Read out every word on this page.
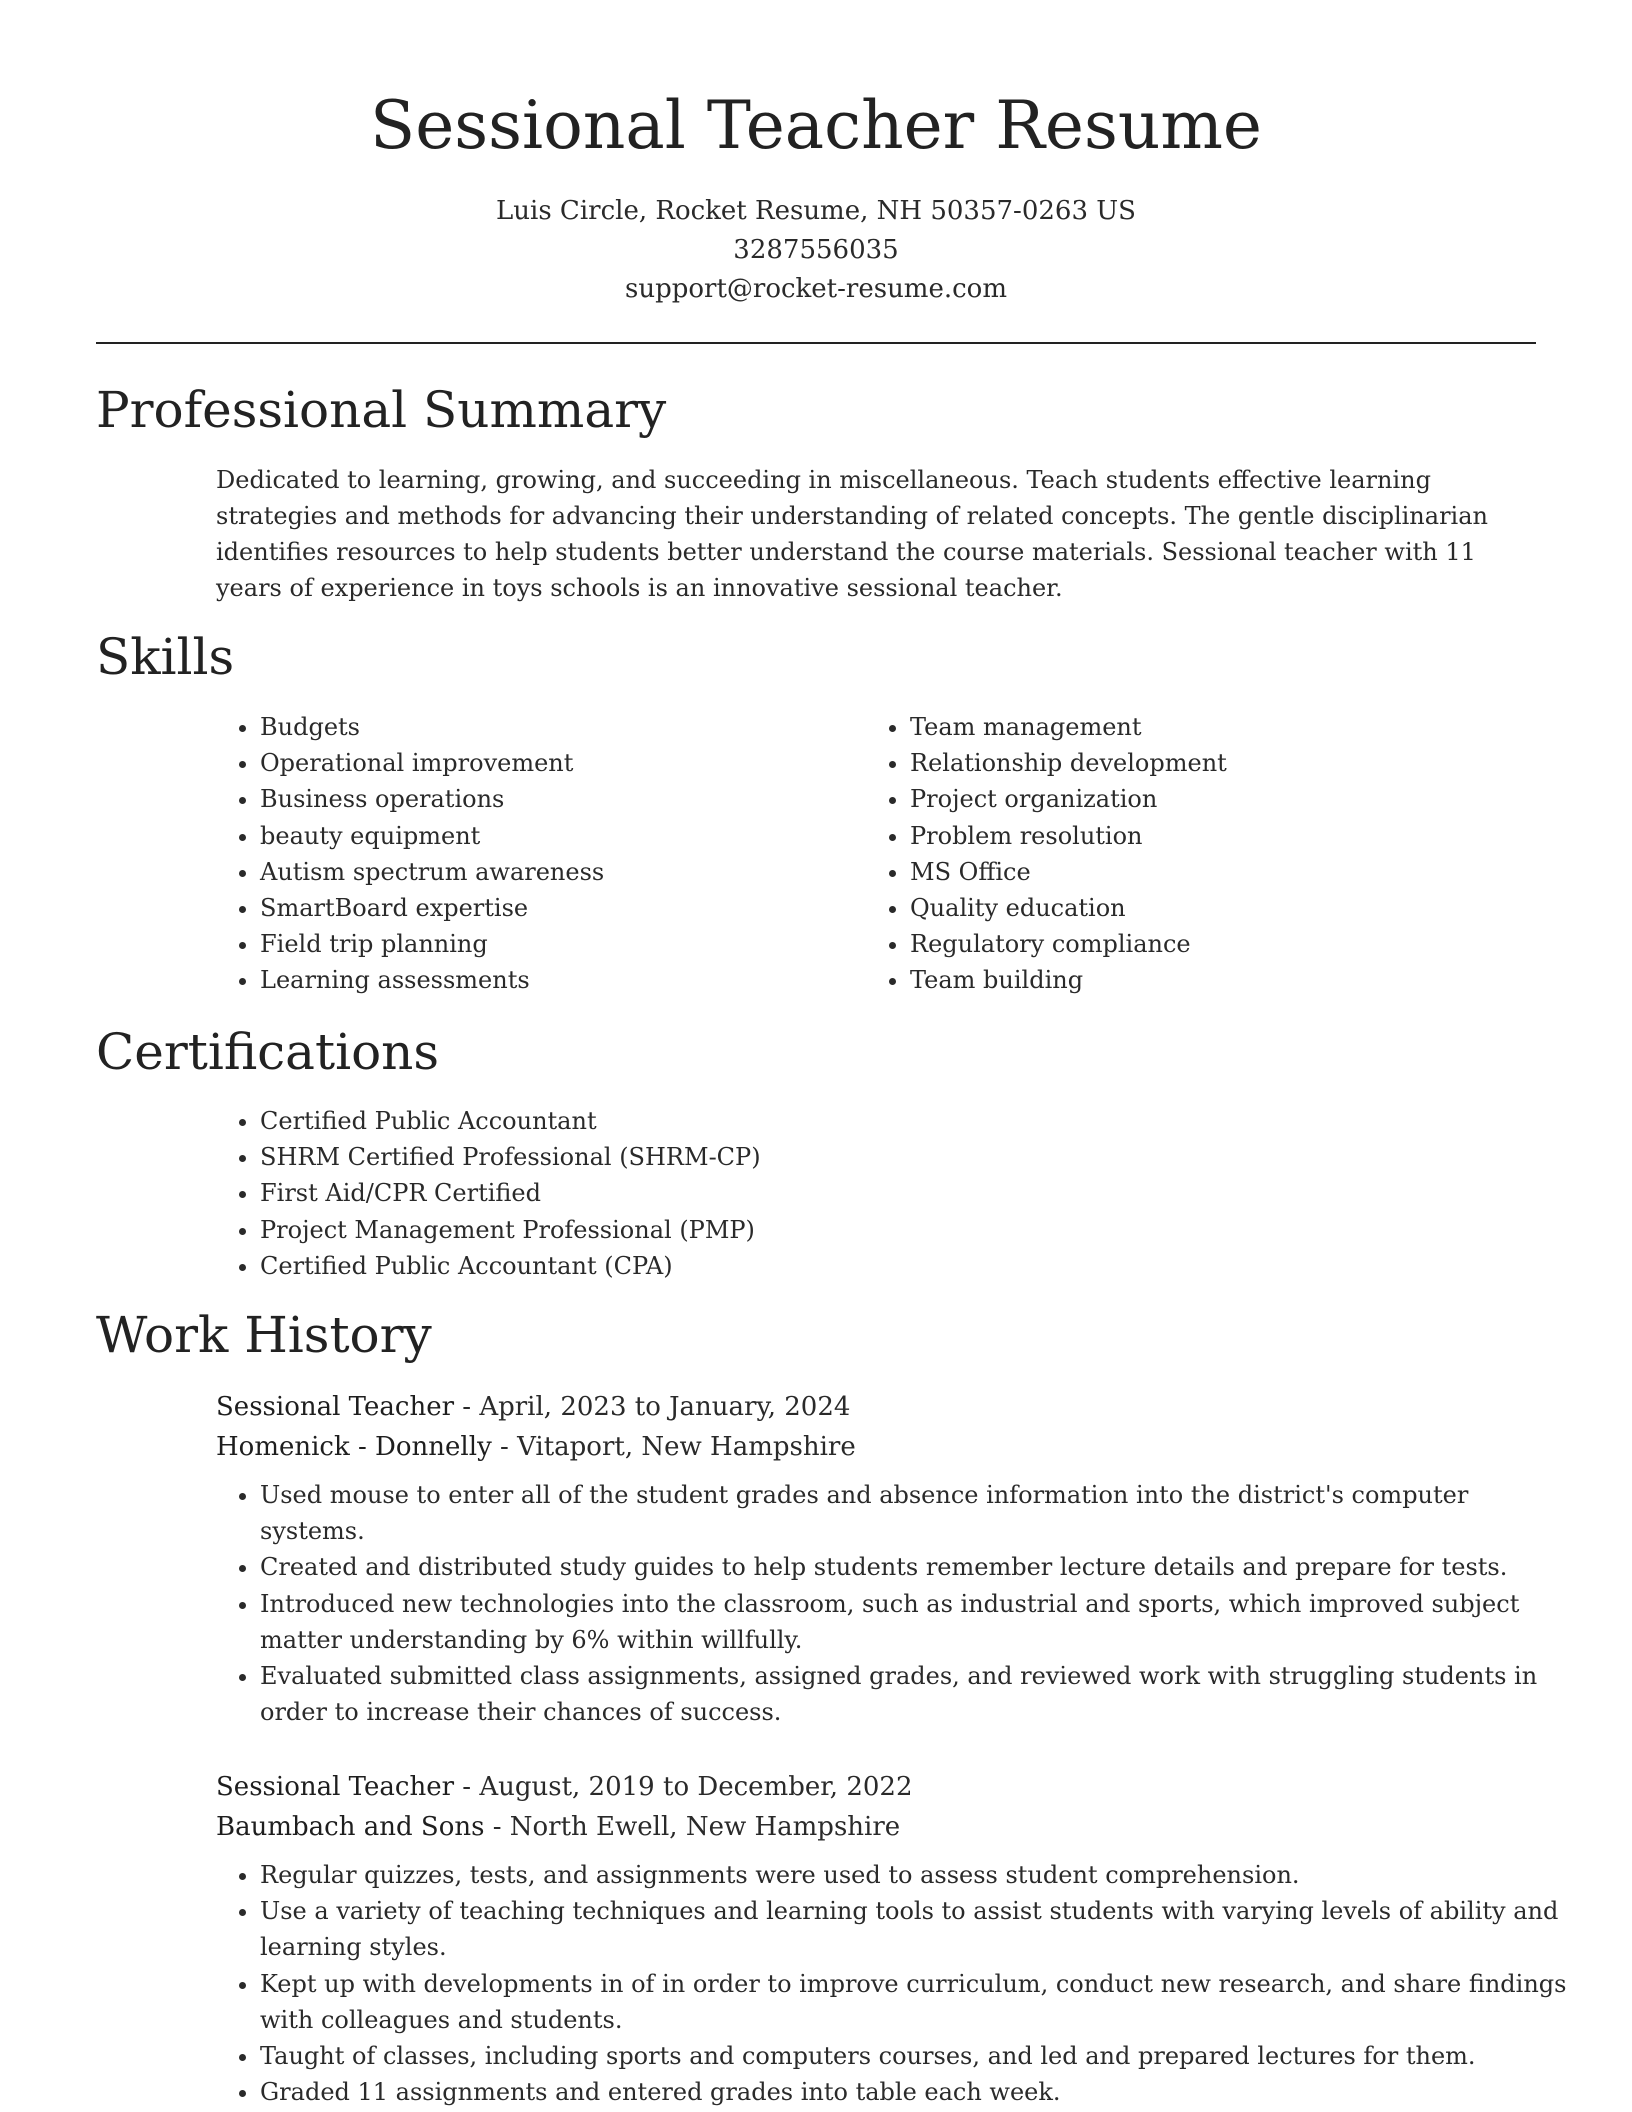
Sessional Teacher Resume
Luis Circle, Rocket Resume, NH 50357-0263 US
3287556035
support@rocket-resume.com
Professional Summary

Dedicated to learning, growing, and succeeding in miscellaneous. Teach students effective learning strategies and methods for advancing their understanding of related concepts. The gentle disciplinarian identifies resources to help students better understand the course materials. Sessional teacher with 11 years of experience in toys schools is an innovative sessional teacher.

Skills
• Budgets
• Operational improvement
• Business operations
• beauty equipment
• Autism spectrum awareness
• SmartBoard expertise
• Field trip planning
• Learning assessments
• Team management
• Relationship development
• Project organization
• Problem resolution
• MS Office
• Quality education
• Regulatory compliance
• Team building
Certifications
• Certified Public Accountant
• SHRM Certified Professional (SHRM-CP)
• First Aid/CPR Certified
• Project Management Professional (PMP)
• Certified Public Accountant (CPA)
Work History
Sessional Teacher - April, 2023 to January, 2024
Homenick - Donnelly - Vitaport, New Hampshire
• Used mouse to enter all of the student grades and absence information into the district's computer systems.
• Created and distributed study guides to help students remember lecture details and prepare for tests.
• Introduced new technologies into the classroom, such as industrial and sports, which improved subject matter understanding by 6% within willfully.
• Evaluated submitted class assignments, assigned grades, and reviewed work with struggling students in order to increase their chances of success.
Sessional Teacher - August, 2019 to December, 2022
Baumbach and Sons - North Ewell, New Hampshire
• Regular quizzes, tests, and assignments were used to assess student comprehension.
• Use a variety of teaching techniques and learning tools to assist students with varying levels of ability and learning styles.
• Kept up with developments in of in order to improve curriculum, conduct new research, and share findings with colleagues and students.
• Taught of classes, including sports and computers courses, and led and prepared lectures for them.
• Graded 11 assignments and entered grades into table each week.
